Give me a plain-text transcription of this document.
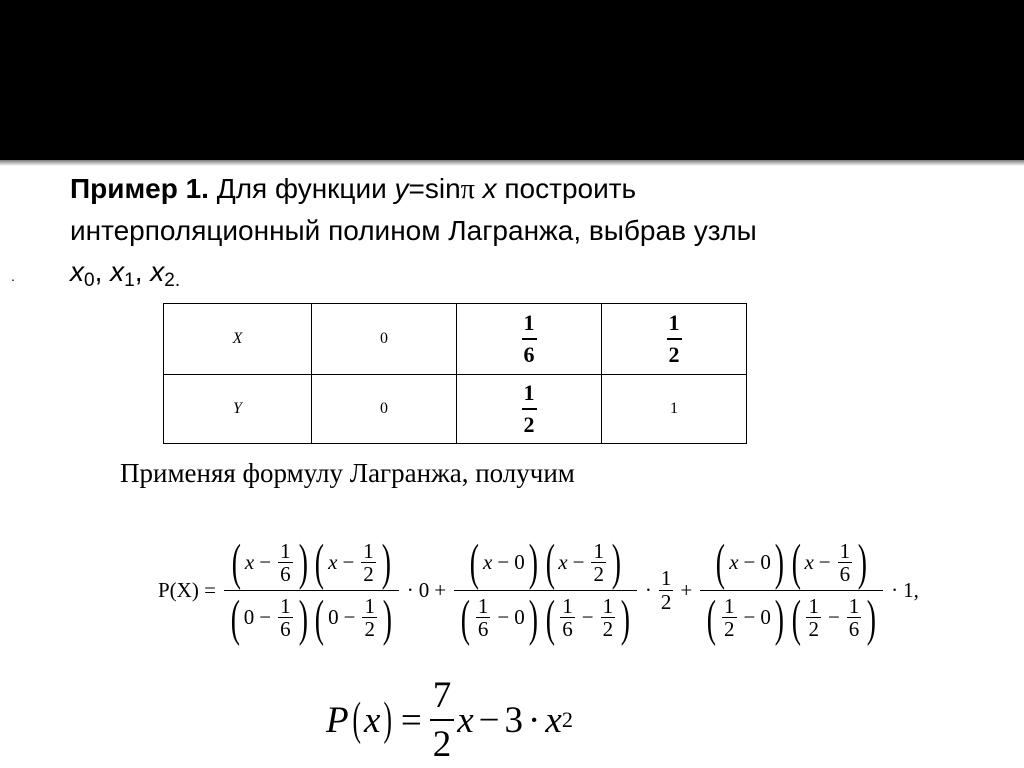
Пример 1. Для функции y=sinπ x построить
интерполяционный полином Лагранжа, выбрав узлы
$x_0$, $x_1$, $x_{2.}$
.
X	0	$\frac{1}{6}$	$\frac{1}{2}$

Y	0	$\frac{1}{2}$	1
Применяя формулу Лагранжа, получим
$P(X) = \frac{( x - \frac{1}{6} ) ( x - \frac{1}{2} )}{( 0 - \frac{1}{6} ) ( 0 - \frac{1}{2} )} \cdot 0$ + ( x − 0 ) ( $x - \frac{1}{2}$ )
( 1
6 − 0 ) ( 1
$6 - \frac{1}{2}$ ) · 1
2 + ( x − 0 ) ( $x - \frac{1}{6}$ )
( 1
2 − 0 ) ( 1
$2 - \frac{1}{6}$ ) · 1,
P ( x ) = $\frac{7}{2}$ x − 3 · x 2
